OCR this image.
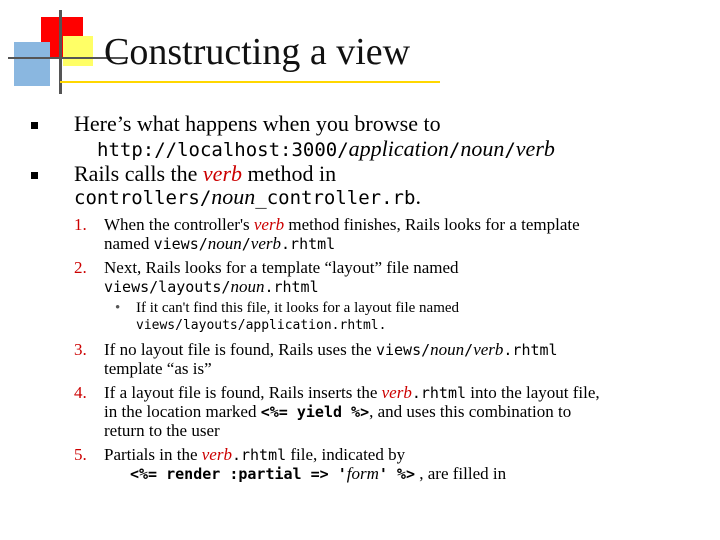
Constructing a view
Here’s what happens when you browse to
http://localhost:3000/application/noun/verb
Rails calls the verb method in
controllers/noun_controller.rb.
1. When the controller's verb method finishes, Rails looks for a template
named views/noun/verb.rhtml
2. Next, Rails looks for a template “layout” file named
views/layouts/noun.rhtml
• If it can't find this file, it looks for a layout file named
views/layouts/application.rhtml.
3. If no layout file is found, Rails uses the views/noun/verb.rhtml
template “as is”
4. If a layout file is found, Rails inserts the verb.rhtml into the layout file,
in the location marked <%= yield %>, and uses this combination to
return to the user
5. Partials in the verb.rhtml file, indicated by
<%= render :partial => 'form' %> , are filled in
